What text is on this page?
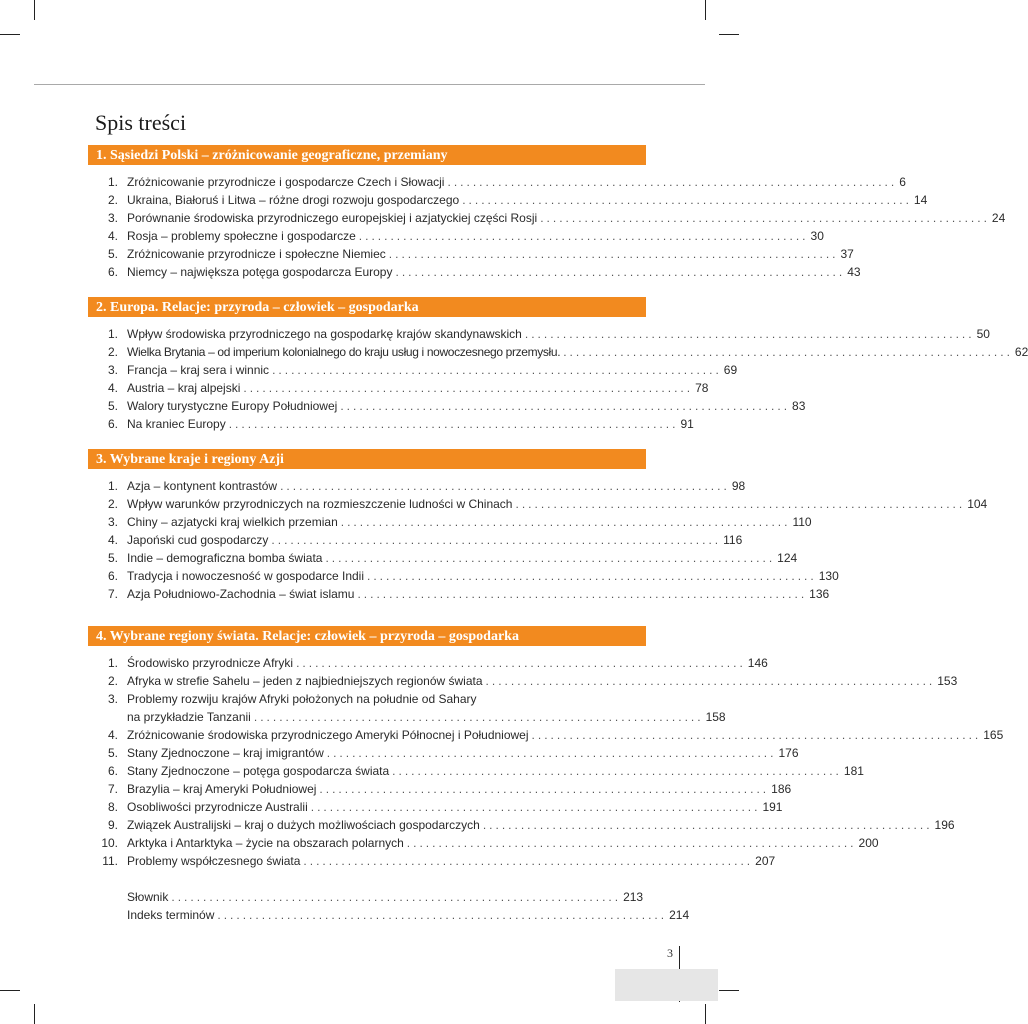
Spis treści
1. Sąsiedzi Polski – zróżnicowanie geograficzne, przemiany
1. Zróżnicowanie przyrodnicze i gospodarcze Czech i Słowacji ....................................................................... 6
2. Ukraina, Białoruś i Litwa – różne drogi rozwoju gospodarczego ....................................................................... 14
3. Porównanie środowiska przyrodniczego europejskiej i azjatyckiej części Rosji ....................................................................... 24
4. Rosja – problemy społeczne i gospodarcze ....................................................................... 30
5. Zróżnicowanie przyrodnicze i społeczne Niemiec ....................................................................... 37
6. Niemcy – największa potęga gospodarcza Europy ....................................................................... 43
2. Europa. Relacje: przyroda – człowiek – gospodarka
1. Wpływ środowiska przyrodniczego na gospodarkę krajów skandynawskich ....................................................................... 50
2. Wielka Brytania – od imperium kolonialnego do kraju usług i nowoczesnego przemysłu. ....................................................................... 62
3. Francja – kraj sera i winnic ....................................................................... 69
4. Austria – kraj alpejski ....................................................................... 78
5. Walory turystyczne Europy Południowej ....................................................................... 83
6. Na kraniec Europy ....................................................................... 91
3. Wybrane kraje i regiony Azji
1. Azja – kontynent kontrastów ....................................................................... 98
2. Wpływ warunków przyrodniczych na rozmieszczenie ludności w Chinach ....................................................................... 104
3. Chiny – azjatycki kraj wielkich przemian ....................................................................... 110
4. Japoński cud gospodarczy ....................................................................... 116
5. Indie – demograficzna bomba świata ....................................................................... 124
6. Tradycja i nowoczesność w gospodarce Indii ....................................................................... 130
7. Azja Południowo-Zachodnia – świat islamu ....................................................................... 136
4. Wybrane regiony świata. Relacje: człowiek – przyroda – gospodarka
1. Środowisko przyrodnicze Afryki ....................................................................... 146
2. Afryka w strefie Sahelu – jeden z najbiedniejszych regionów świata ....................................................................... 153
3. Problemy rozwiju krajów Afryki położonych na południe od Sahary
na przykładzie Tanzanii ....................................................................... 158
4. Zróżnicowanie środowiska przyrodniczego Ameryki Północnej i Południowej ....................................................................... 165
5. Stany Zjednoczone – kraj imigrantów ....................................................................... 176
6. Stany Zjednoczone – potęga gospodarcza świata ....................................................................... 181
7. Brazylia – kraj Ameryki Południowej ....................................................................... 186
8. Osobliwości przyrodnicze Australii ....................................................................... 191
9. Związek Australijski – kraj o dużych możliwościach gospodarczych ....................................................................... 196
10. Arktyka i Antarktyka – życie na obszarach polarnych ....................................................................... 200
11. Problemy współczesnego świata ....................................................................... 207
Słownik ....................................................................... 213
Indeks terminów ....................................................................... 214
3
